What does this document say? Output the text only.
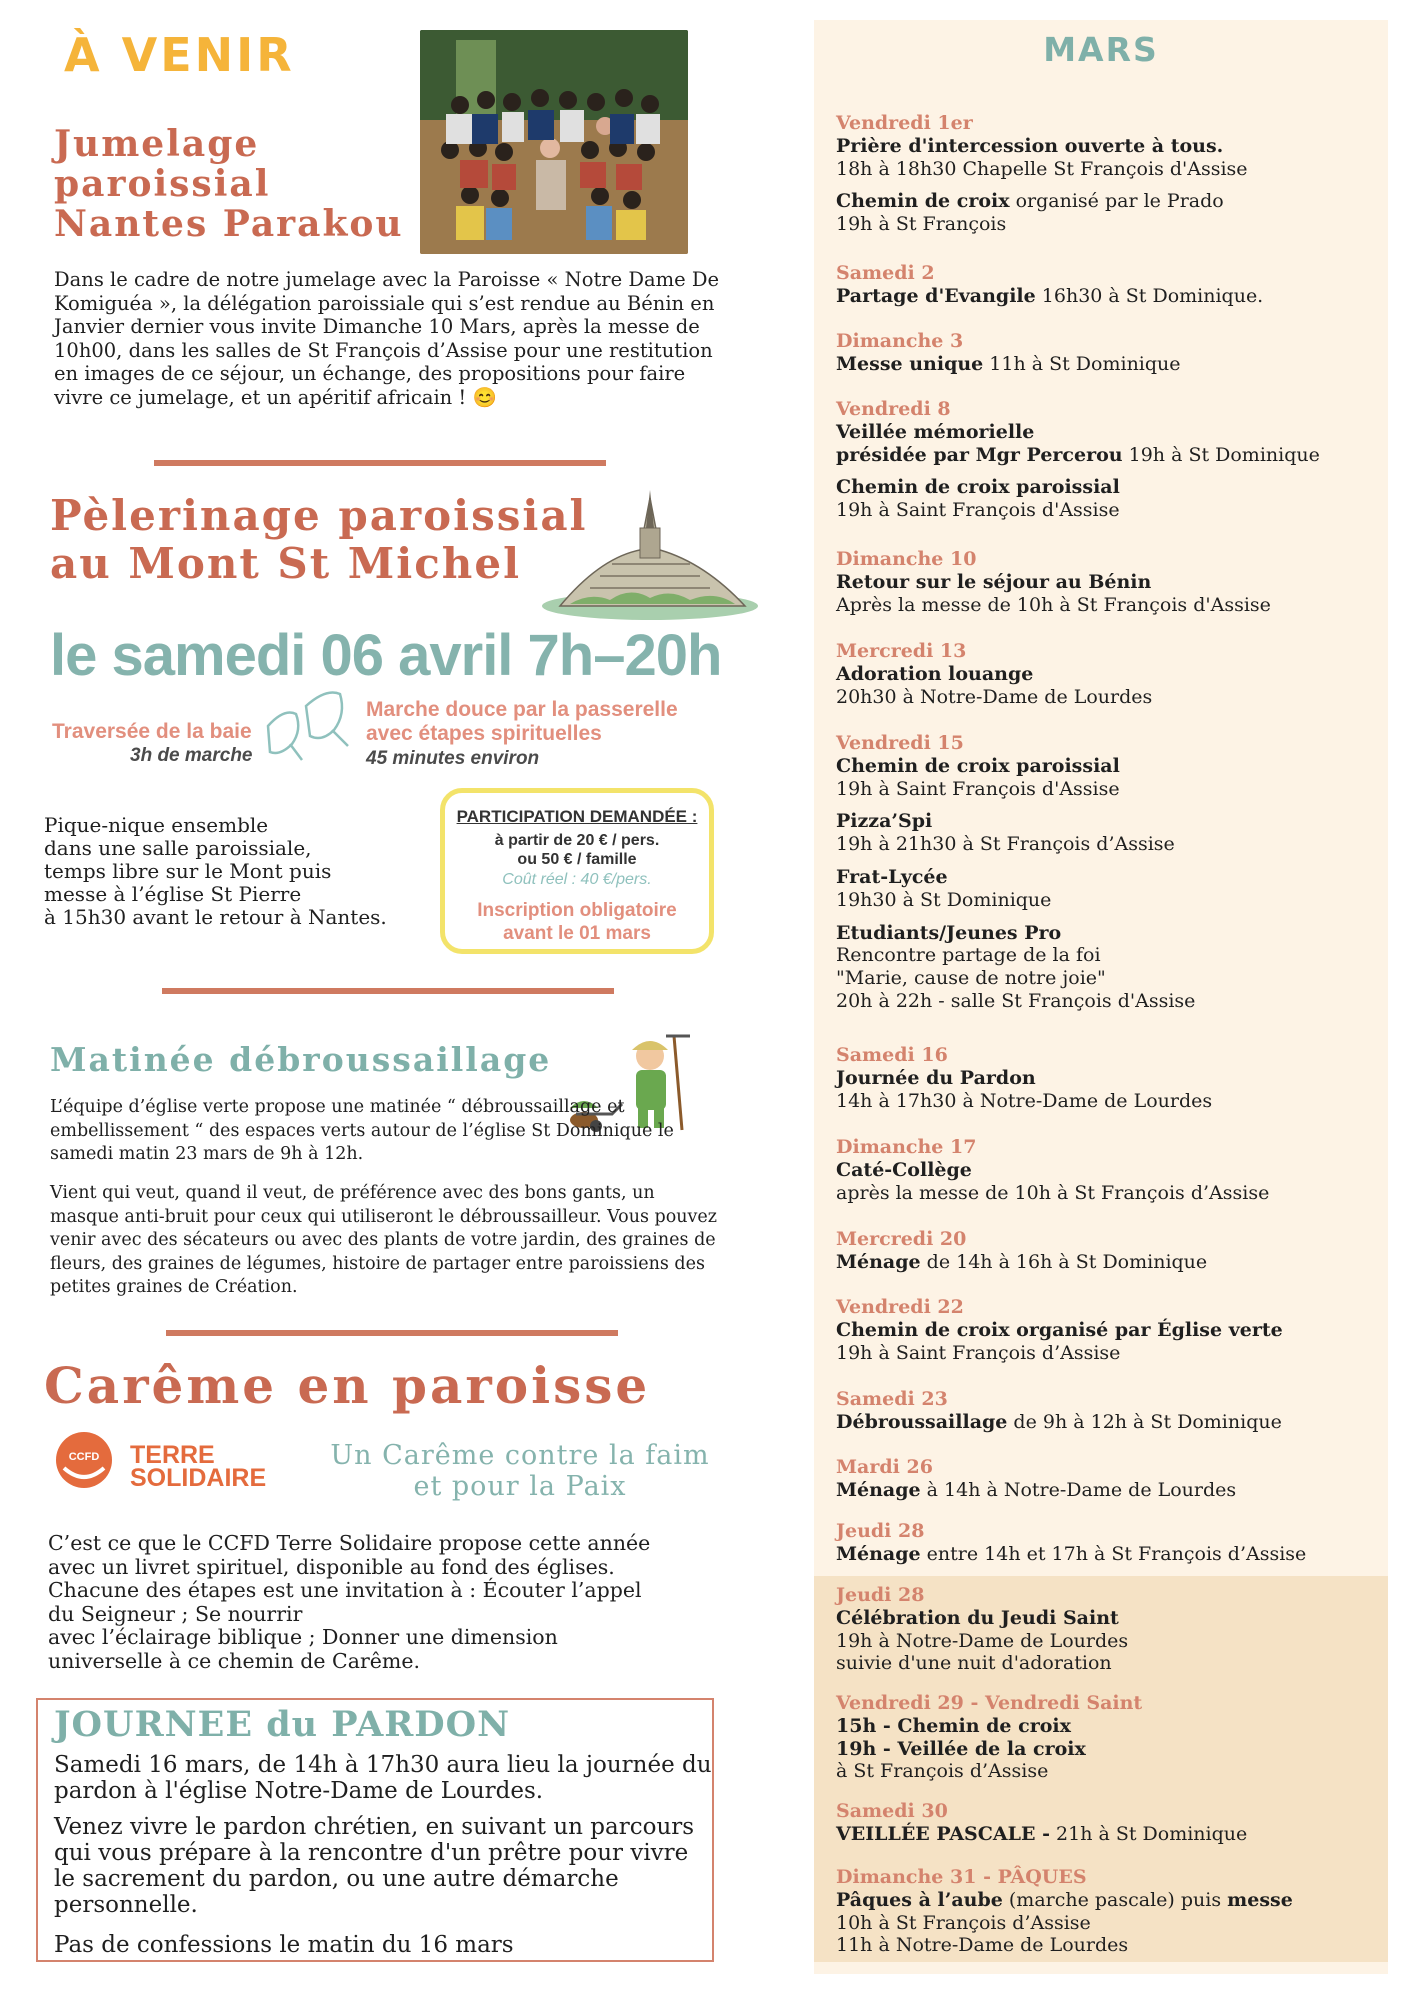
À VENIR
Jumelage
paroissial
Nantes Parakou
Dans le cadre de notre jumelage avec la Paroisse « Notre Dame De Komiguéa », la délégation paroissiale qui s’est rendue au Bénin en Janvier dernier vous invite Dimanche 10 Mars, après la messe de 10h00, dans les salles de St François d’Assise pour une restitution en images de ce séjour, un échange, des propositions pour faire vivre ce jumelage, et un apéritif africain ! 😊
Pèlerinage paroissial
au Mont St Michel
le samedi 06 avril 7h–20h
Traversée de la baie
3h de marche
Marche douce par la passerelle
avec étapes spirituelles
45 minutes environ
Pique-nique ensemble
dans une salle paroissiale,
temps libre sur le Mont puis
messe à l’église St Pierre
à 15h30 avant le retour à Nantes.
PARTICIPATION DEMANDÉE :
à partir de 20 € / pers.
ou 50 € / famille
Coût réel : 40 €/pers.
Inscription obligatoire
avant le 01 mars
Matinée débroussaillage
L’équipe d’église verte propose une matinée “ débroussaillage et embellissement “ des espaces verts autour de l’église St Dominique le samedi matin 23 mars de 9h à 12h.
Vient qui veut, quand il veut, de préférence avec des bons gants, un masque anti-bruit pour ceux qui utiliseront le débroussailleur. Vous pouvez venir avec des sécateurs ou avec des plants de votre jardin, des graines de fleurs, des graines de légumes, histoire de partager entre paroissiens des petites graines de Création.
Carême en paroisse
CCFD TERRE
SOLIDAIRE
Un Carême contre la faim
et pour la Paix
C’est ce que le CCFD Terre Solidaire propose cette année
avec un livret spirituel, disponible au fond des églises.
Chacune des étapes est une invitation à : Écouter l’appel
du Seigneur ; Se nourrir
avec l’éclairage biblique ; Donner une dimension
universelle à ce chemin de Carême.
JOURNEE du PARDON
Samedi 16 mars, de 14h à 17h30 aura lieu la journée du pardon à l'église Notre-Dame de Lourdes.
Venez vivre le pardon chrétien, en suivant un parcours qui vous prépare à la rencontre d'un prêtre pour vivre le sacrement du pardon, ou une autre démarche personnelle.
Pas de confessions le matin du 16 mars
MARS
Vendredi 1er
Prière d'intercession ouverte à tous.
18h à 18h30 Chapelle St François d'Assise
Chemin de croix organisé par le Prado
19h à St François
Samedi 2
Partage d'Evangile 16h30 à St Dominique.
Dimanche 3
Messe unique 11h à St Dominique
Vendredi 8
Veillée mémorielle
présidée par Mgr Percerou 19h à St Dominique
Chemin de croix paroissial
19h à Saint François d'Assise
Dimanche 10
Retour sur le séjour au Bénin
Après la messe de 10h à St François d'Assise
Mercredi 13
Adoration louange
20h30 à Notre-Dame de Lourdes
Vendredi 15
Chemin de croix paroissial
19h à Saint François d'Assise
Pizza’Spi
19h à 21h30 à St François d’Assise
Frat-Lycée
19h30 à St Dominique
Etudiants/Jeunes Pro
Rencontre partage de la foi
"Marie, cause de notre joie"
20h à 22h - salle St François d'Assise
Samedi 16
Journée du Pardon
14h à 17h30 à Notre-Dame de Lourdes
Dimanche 17
Caté-Collège
après la messe de 10h à St François d’Assise
Mercredi 20
Ménage de 14h à 16h à St Dominique
Vendredi 22
Chemin de croix organisé par Église verte
19h à Saint François d’Assise
Samedi 23
Débroussaillage de 9h à 12h à St Dominique
Mardi 26
Ménage à 14h à Notre-Dame de Lourdes
Jeudi 28
Ménage entre 14h et 17h à St François d’Assise
Jeudi 28
Célébration du Jeudi Saint
19h à Notre-Dame de Lourdes
suivie d'une nuit d'adoration
Vendredi 29 - Vendredi Saint
15h - Chemin de croix
19h - Veillée de la croix
à St François d’Assise
Samedi 30
VEILLÉE PASCALE - 21h à St Dominique
Dimanche 31 - PÂQUES
Pâques à l’aube (marche pascale) puis messe
10h à St François d’Assise
11h à Notre-Dame de Lourdes
